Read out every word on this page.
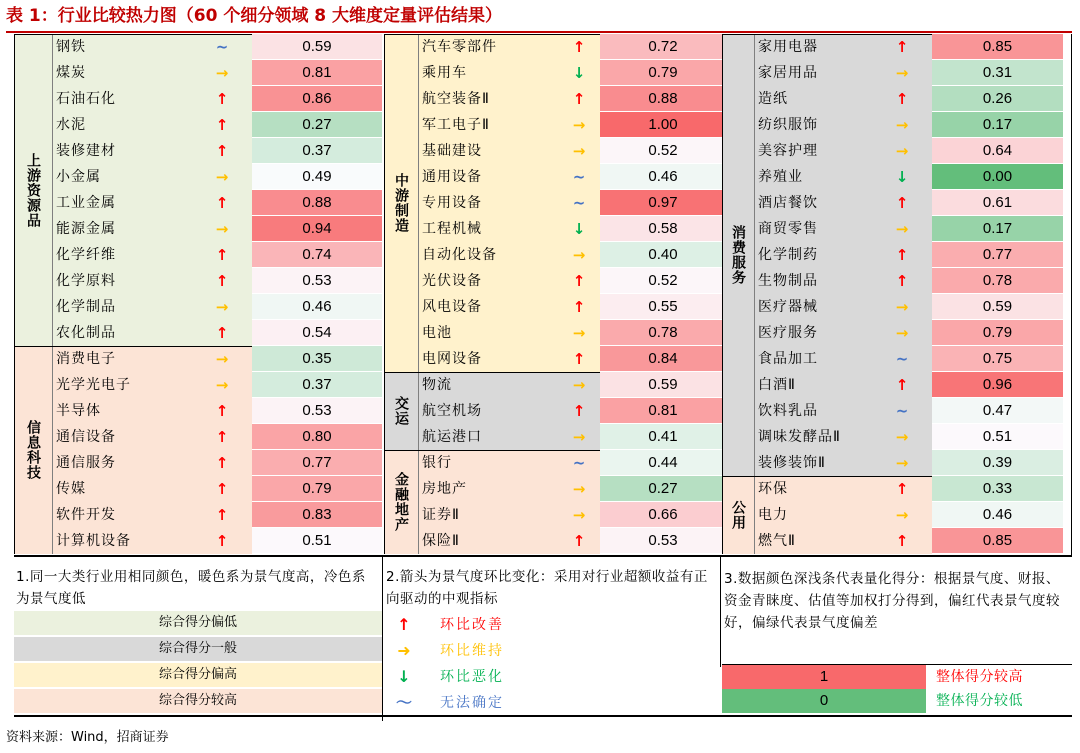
表 1：行业比较热力图（60 个细分领域 8 大维度定量评估结果）
上游资源品
钢铁	~	0.59
煤炭	→	0.81
石油石化	↑	0.86
水泥	↑	0.27
装修建材	↑	0.37
小金属	→	0.49
工业金属	↑	0.88
能源金属	→	0.94
化学纤维	↑	0.74
化学原料	↑	0.53
化学制品	→	0.46
农化制品	↑	0.54
信息科技
消费电子	→	0.35
光学光电子	→	0.37
半导体	↑	0.53
通信设备	↑	0.80
通信服务	↑	0.77
传媒	↑	0.79
软件开发	↑	0.83
计算机设备	↑	0.51
中游制造
汽车零部件	↑	0.72
乘用车	↓	0.79
航空装备Ⅱ	↑	0.88
军工电子Ⅱ	→	1.00
基础建设	→	0.52
通用设备	~	0.46
专用设备	~	0.97
工程机械	↓	0.58
自动化设备	→	0.40
光伏设备	↑	0.52
风电设备	↑	0.55
电池	→	0.78
电网设备	↑	0.84
交运
物流	→	0.59
航空机场	↑	0.81
航运港口	→	0.41
金融地产
银行	~	0.44
房地产	→	0.27
证券Ⅱ	→	0.66
保险Ⅱ	↑	0.53
消费服务
家用电器	↑	0.85
家居用品	→	0.31
造纸	↑	0.26
纺织服饰	→	0.17
美容护理	→	0.64
养殖业	↓	0.00
酒店餐饮	↑	0.61
商贸零售	→	0.17
化学制药	↑	0.77
生物制品	↑	0.78
医疗器械	→	0.59
医疗服务	→	0.79
食品加工	~	0.75
白酒Ⅱ	↑	0.96
饮料乳品	~	0.47
调味发酵品Ⅱ	→	0.51
装修装饰Ⅱ	→	0.39
公用
环保	↑	0.33
电力	→	0.46
燃气Ⅱ	↑	0.85
1.同一大类行业用相同颜色，暖色系为景气度高，冷色系为景气度低
2.箭头为景气度环比变化：采用对行业超额收益有正向驱动的中观指标
3.数据颜色深浅条代表量化得分：根据景气度、财报、资金青睐度、估值等加权打分得到，偏红代表景气度较好，偏绿代表景气度偏差
综合得分偏低
综合得分一般
综合得分偏高
综合得分较高
↑	环比改善
➜	环比维持
↓	环比恶化
〜	无法确定
1	整体得分较高
0	整体得分较低
资料来源：Wind，招商证券
